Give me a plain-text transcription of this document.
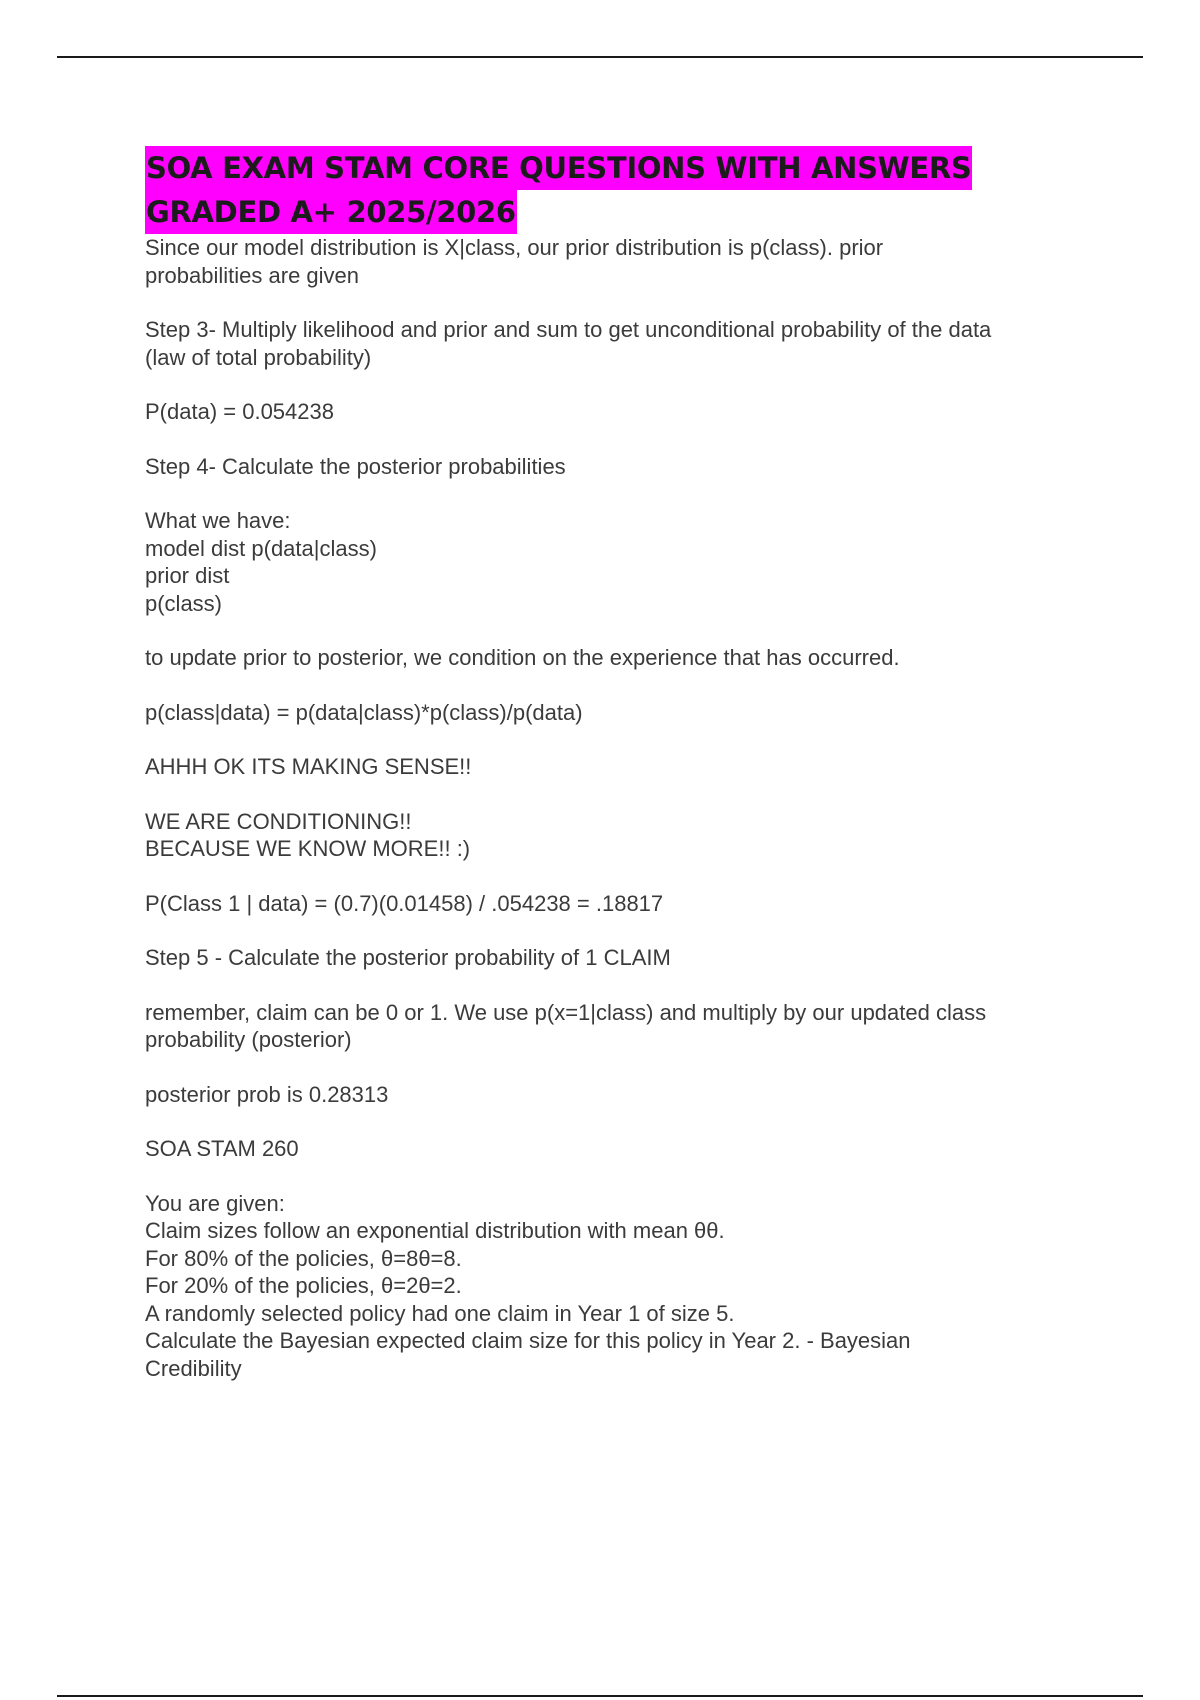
SOA EXAM STAM CORE QUESTIONS WITH ANSWERS
GRADED A+ 2025/2026

Since our model distribution is X|class, our prior distribution is p(class). prior
probabilities are given

Step 3- Multiply likelihood and prior and sum to get unconditional probability of the data
(law of total probability)

P(data) = 0.054238

Step 4- Calculate the posterior probabilities

What we have:
model dist p(data|class)
prior dist
p(class)

to update prior to posterior, we condition on the experience that has occurred.

p(class|data) = p(data|class)*p(class)/p(data)

AHHH OK ITS MAKING SENSE!!

WE ARE CONDITIONING!!
BECAUSE WE KNOW MORE!! :)

P(Class 1 | data) = (0.7)(0.01458) / .054238 = .18817

Step 5 - Calculate the posterior probability of 1 CLAIM

remember, claim can be 0 or 1. We use p(x=1|class) and multiply by our updated class
probability (posterior)

posterior prob is 0.28313

SOA STAM 260

You are given:
Claim sizes follow an exponential distribution with mean θθ.
For 80% of the policies, θ=8θ=8.
For 20% of the policies, θ=2θ=2.
A randomly selected policy had one claim in Year 1 of size 5.
Calculate the Bayesian expected claim size for this policy in Year 2. - Bayesian
Credibility
